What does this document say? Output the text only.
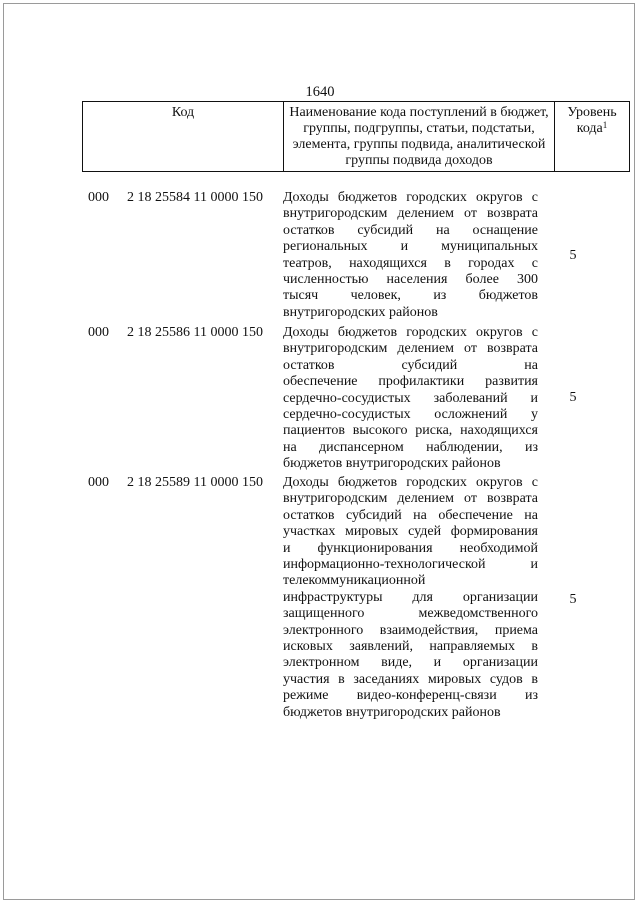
1640
Код	Наименование кода поступлений в бюджет, группы, подгруппы, статьи, подстатьи, элемента, группы подвида, аналитической группы подвида доходов	Уровень кода$^1$
000 2 18 25584 11 0000 150 Доходы бюджетов городских округов с
внутригородским делением от возврата
остатков субсидий на оснащение
региональных и муниципальных
театров, находящихся в городах с
численностью населения более 300
тысяч человек, из бюджетов
внутригородских районов
5
000 2 18 25586 11 0000 150 Доходы бюджетов городских округов с
внутригородским делением от возврата
остатков субсидий на
обеспечение профилактики развития
сердечно-сосудистых заболеваний и
сердечно-сосудистых осложнений у
пациентов высокого риска, находящихся
на диспансерном наблюдении, из
бюджетов внутригородских районов
5
000 2 18 25589 11 0000 150 Доходы бюджетов городских округов с
внутригородским делением от возврата
остатков субсидий на обеспечение на
участках мировых судей формирования
и функционирования необходимой
информационно-технологической и
телекоммуникационной
инфраструктуры для организации
защищенного межведомственного
электронного взаимодействия, приема
исковых заявлений, направляемых в
электронном виде, и организации
участия в заседаниях мировых судов в
режиме видео-конференц-связи из
бюджетов внутригородских районов
5
